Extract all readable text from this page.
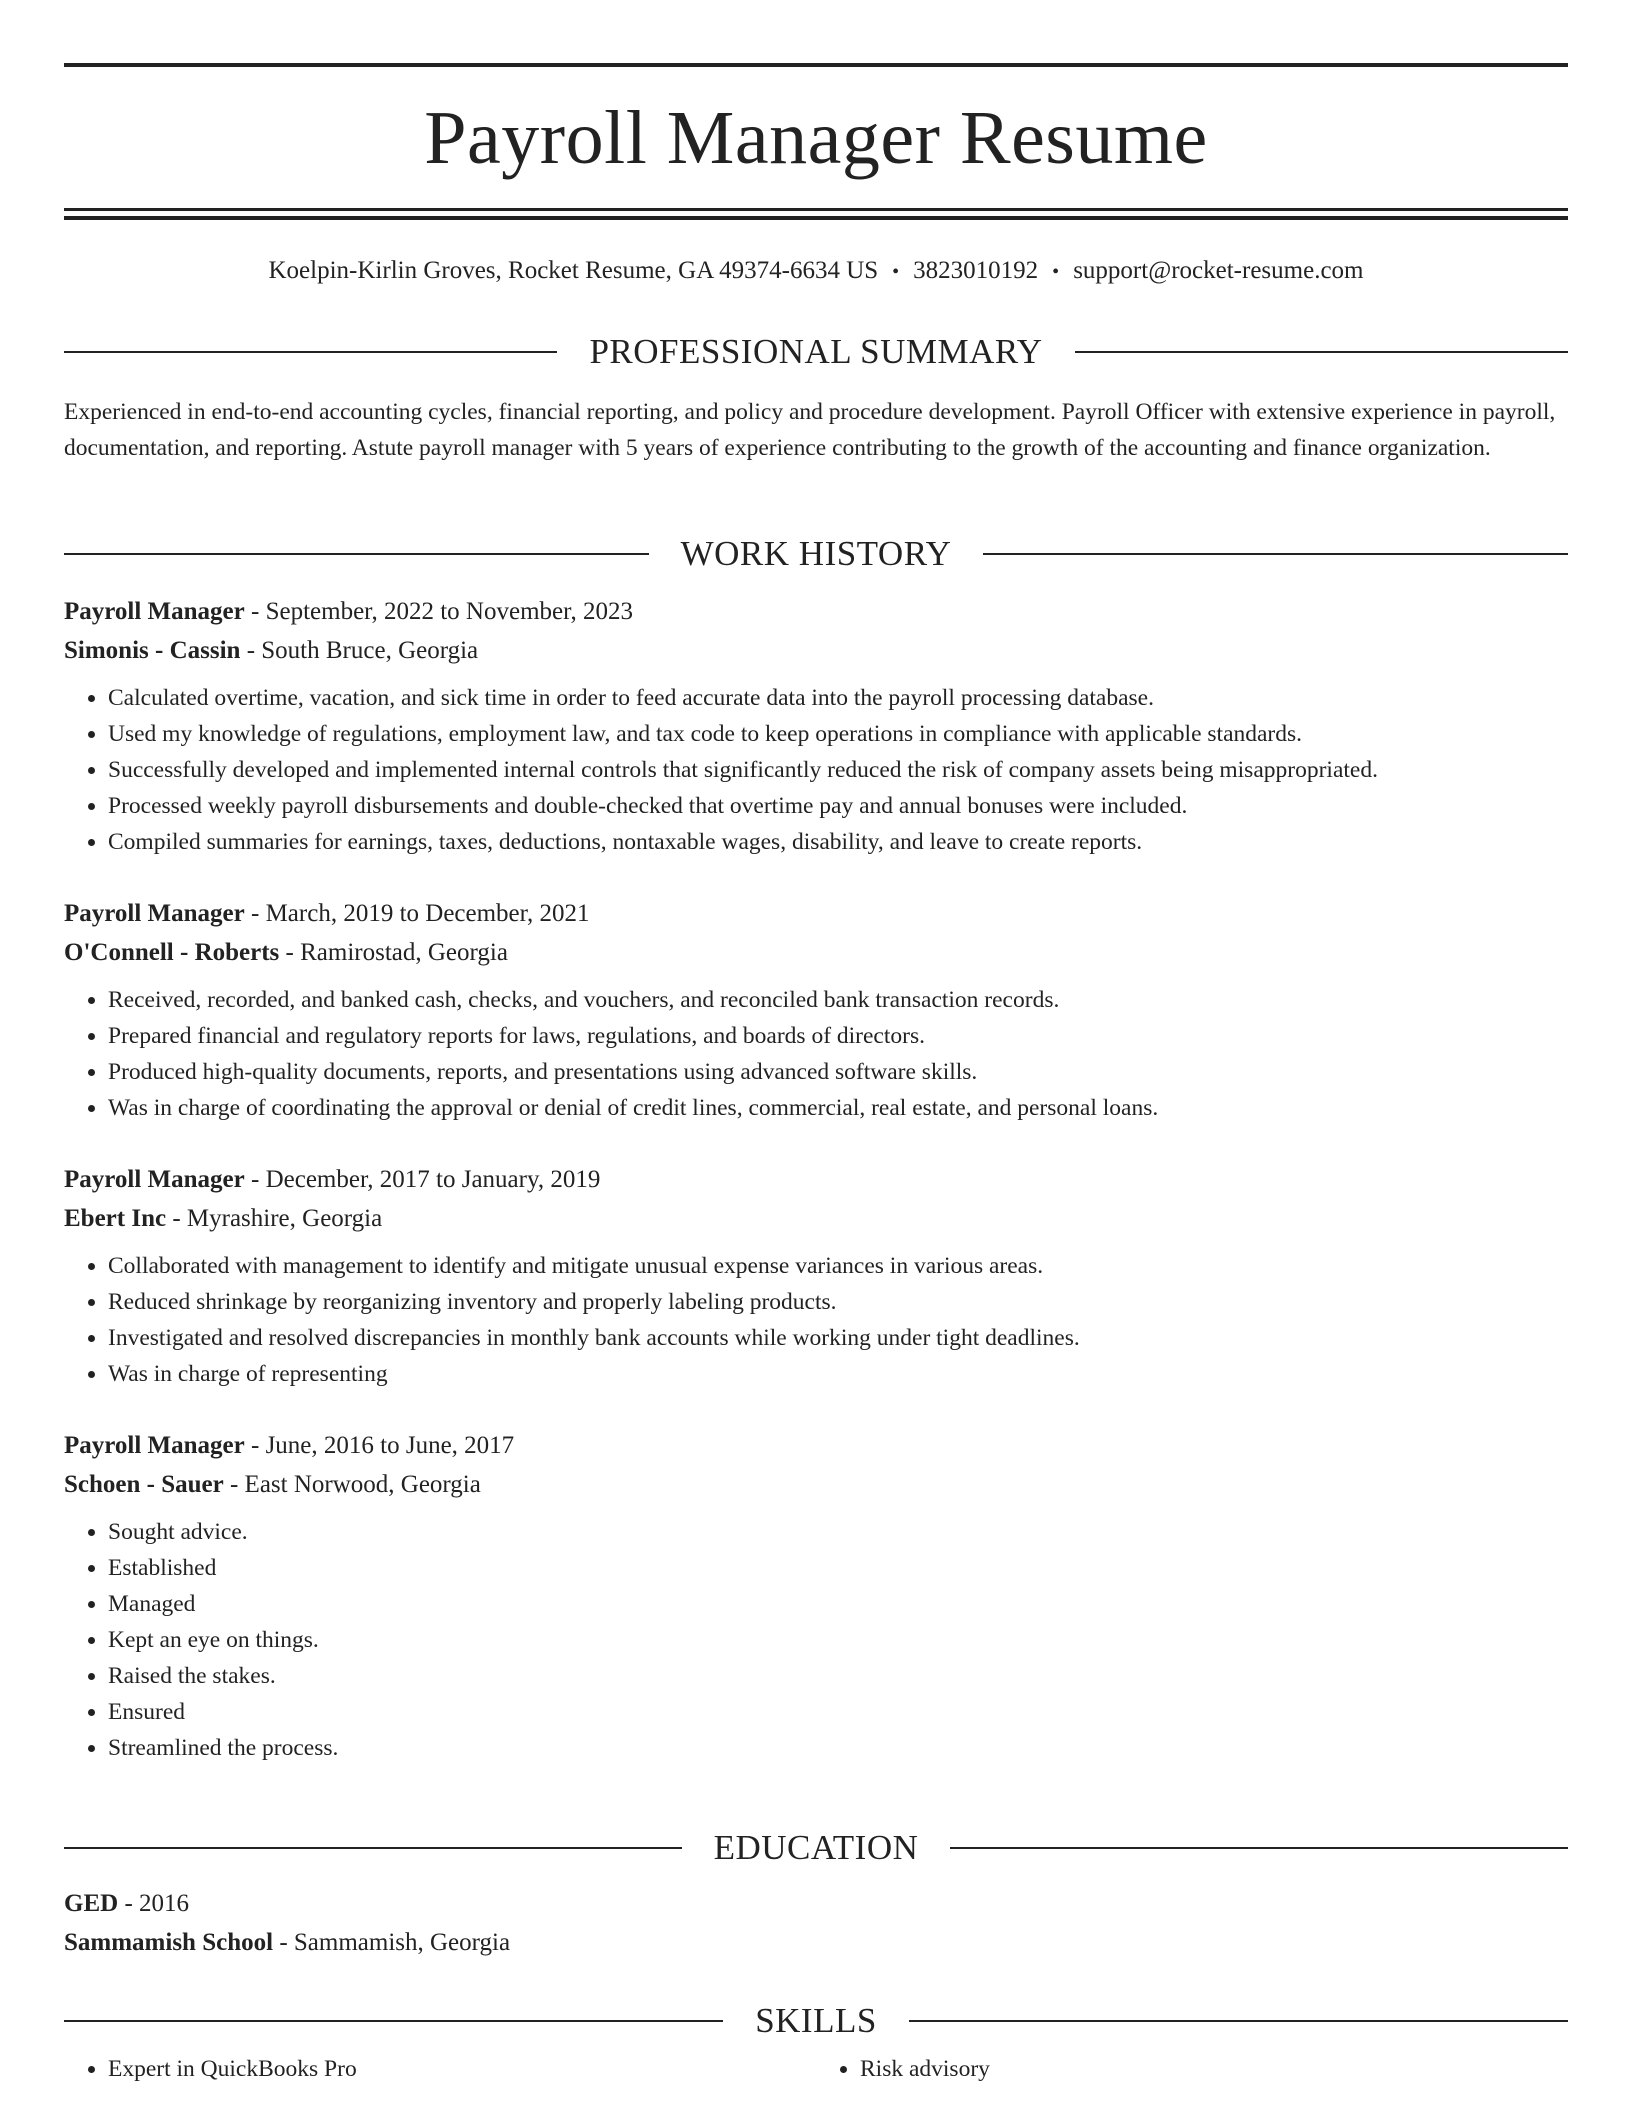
Payroll Manager Resume
Koelpin-Kirlin Groves, Rocket Resume, GA 49374-6634 US • 3823010192 • support@rocket-resume.com
PROFESSIONAL SUMMARY

Experienced in end-to-end accounting cycles, financial reporting, and policy and procedure development. Payroll Officer with extensive experience in payroll, documentation, and reporting. Astute payroll manager with 5 years of experience contributing to the growth of the accounting and finance organization.

WORK HISTORY
Payroll Manager - September, 2022 to November, 2023
Simonis - Cassin - South Bruce, Georgia
• Calculated overtime, vacation, and sick time in order to feed accurate data into the payroll processing database.
• Used my knowledge of regulations, employment law, and tax code to keep operations in compliance with applicable standards.
• Successfully developed and implemented internal controls that significantly reduced the risk of company assets being misappropriated.
• Processed weekly payroll disbursements and double-checked that overtime pay and annual bonuses were included.
• Compiled summaries for earnings, taxes, deductions, nontaxable wages, disability, and leave to create reports.
Payroll Manager - March, 2019 to December, 2021
O'Connell - Roberts - Ramirostad, Georgia
• Received, recorded, and banked cash, checks, and vouchers, and reconciled bank transaction records.
• Prepared financial and regulatory reports for laws, regulations, and boards of directors.
• Produced high-quality documents, reports, and presentations using advanced software skills.
• Was in charge of coordinating the approval or denial of credit lines, commercial, real estate, and personal loans.
Payroll Manager - December, 2017 to January, 2019
Ebert Inc - Myrashire, Georgia
• Collaborated with management to identify and mitigate unusual expense variances in various areas.
• Reduced shrinkage by reorganizing inventory and properly labeling products.
• Investigated and resolved discrepancies in monthly bank accounts while working under tight deadlines.
• Was in charge of representing
Payroll Manager - June, 2016 to June, 2017
Schoen - Sauer - East Norwood, Georgia
• Sought advice.
• Established
• Managed
• Kept an eye on things.
• Raised the stakes.
• Ensured
• Streamlined the process.
EDUCATION
GED - 2016
Sammamish School - Sammamish, Georgia
SKILLS
• Expert in QuickBooks Pro
•	Risk advisory
